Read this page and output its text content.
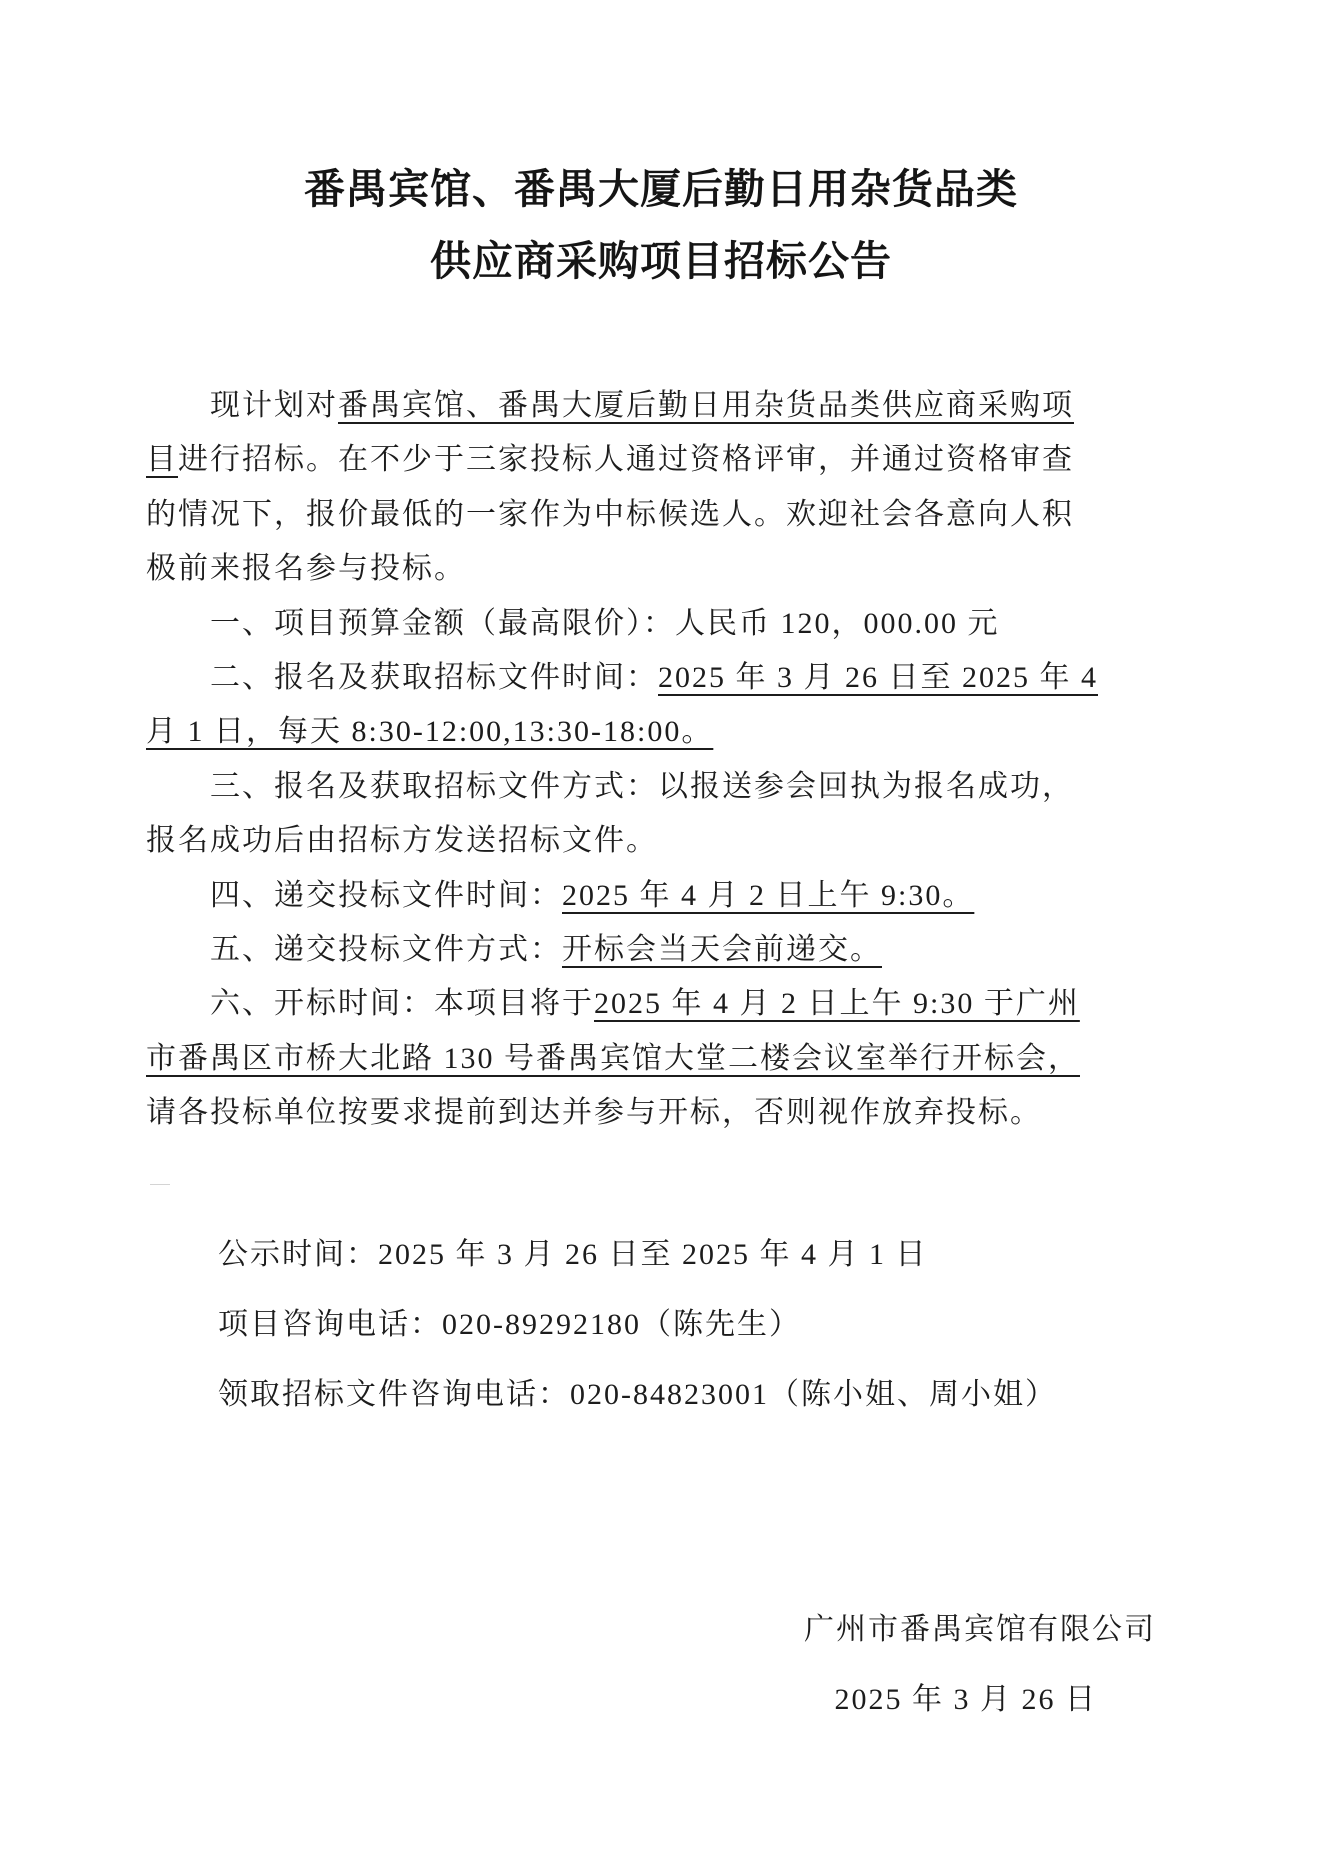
番禺宾馆、番禺大厦后勤日用杂货品类
供应商采购项目招标公告

　　现计划对番禺宾馆、番禺大厦后勤日用杂货品类供应商采购项

目进行招标。在不少于三家投标人通过资格评审，并通过资格审查

的情况下，报价最低的一家作为中标候选人。欢迎社会各意向人积

极前来报名参与投标。

　　一、项目预算金额（最高限价）：人民币 120，000.00 元

　　二、报名及获取招标文件时间：2025 年 3 月 26 日至 2025 年 4

月 1 日，每天 8:30-12:00,13:30-18:00。

　　三、报名及获取招标文件方式：以报送参会回执为报名成功，

报名成功后由招标方发送招标文件。

　　四、递交投标文件时间：2025 年 4 月 2 日上午 9:30。

　　五、递交投标文件方式：开标会当天会前递交。

　　六、开标时间：本项目将于2025 年 4 月 2 日上午 9:30 于广州

市番禺区市桥大北路 130 号番禺宾馆大堂二楼会议室举行开标会，

请各投标单位按要求提前到达并参与开标，否则视作放弃投标。

公示时间：2025 年 3 月 26 日至 2025 年 4 月 1 日

项目咨询电话：020-89292180（陈先生）

领取招标文件咨询电话：020-84823001（陈小姐、周小姐）

广州市番禺宾馆有限公司

2025 年 3 月 26 日
